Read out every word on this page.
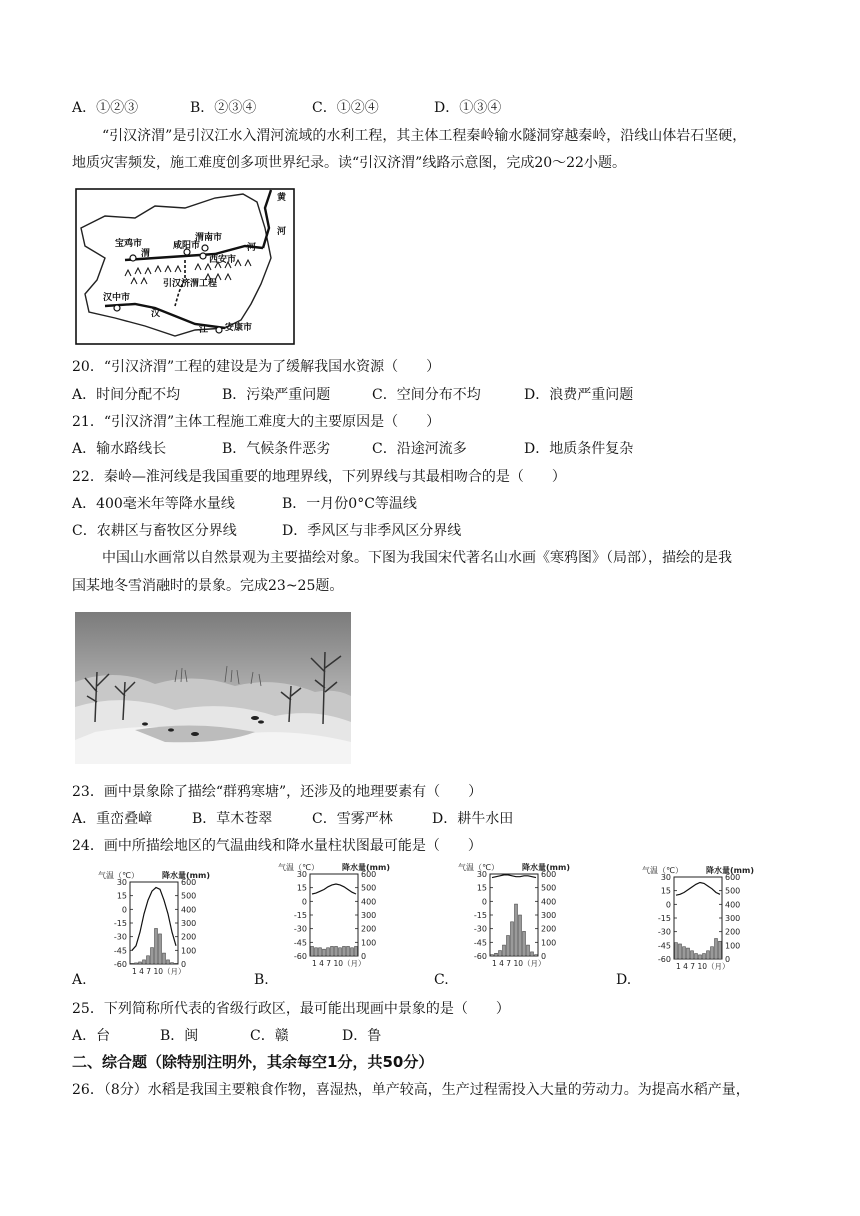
A．①②③	B．②③④	C．①②④	D．①③④
“引汉济渭”是引汉江水入渭河流域的水利工程，其主体工程秦岭输水隧洞穿越秦岭，沿线山体岩石坚硬，
地质灾害频发，施工难度创多项世界纪录。读“引汉济渭”线路示意图，完成20～22小题。
黄
河
宝鸡市
渭
咸阳市
渭南市
河
西安市
引汉济渭工程
汉中市
汉
江 安康市
20．“引汉济渭”工程的建设是为了缓解我国水资源（　　）
A．时间分配不均	B．污染严重问题	C．空间分布不均	D．浪费严重问题
21．“引汉济渭”主体工程施工难度大的主要原因是（　　）
A．输水路线长	B．气候条件恶劣	C．沿途河流多	D．地质条件复杂
22．秦岭—淮河线是我国重要的地理界线，下列界线与其最相吻合的是（　　）
A．400毫米年等降水量线	B．一月份0°C等温线
C．农耕区与畜牧区分界线	D．季风区与非季风区分界线
中国山水画常以自然景观为主要描绘对象。下图为我国宋代著名山水画《寒鸦图》（局部），描绘的是我
国某地冬雪消融时的景象。完成23~25题。
23．画中景象除了描绘“群鸦寒塘”，还涉及的地理要素有（　　）
A．重峦叠嶂	B．草木苍翠	C．雪雾严林	D．耕牛水田
24．画中所描绘地区的气温曲线和降水量柱状图最可能是（　　）
气温（℃）	降水量(mm)
30
15
0
-15
-30
-45
-60
600
500
400
300
200
100
0
1 4 7 10（月）
气温（℃）	降水量(mm)
30
15
0
-15
-30
-45
-60
600
500
400
300
200
100
0
1 4 7 10（月）
气温（℃）	降水量(mm)
30
15
0
-15
-30
-45
-60
600
500
400
300
200
100
0
1 4 7 10（月）
气温（℃）	降水量(mm)
30
15
0
-15
-30
-45
-60
600
500
400
300
200
100
0
1 4 7 10（月）
A.	B.	C.	D.
25．下列简称所代表的省级行政区，最可能出现画中景象的是（　　）
A．台	B．闽	C．赣	D．鲁
二、综合题（除特别注明外，其余每空1分，共50分）
26．（8分）水稻是我国主要粮食作物，喜湿热，单产较高，生产过程需投入大量的劳动力。为提高水稻产量，
